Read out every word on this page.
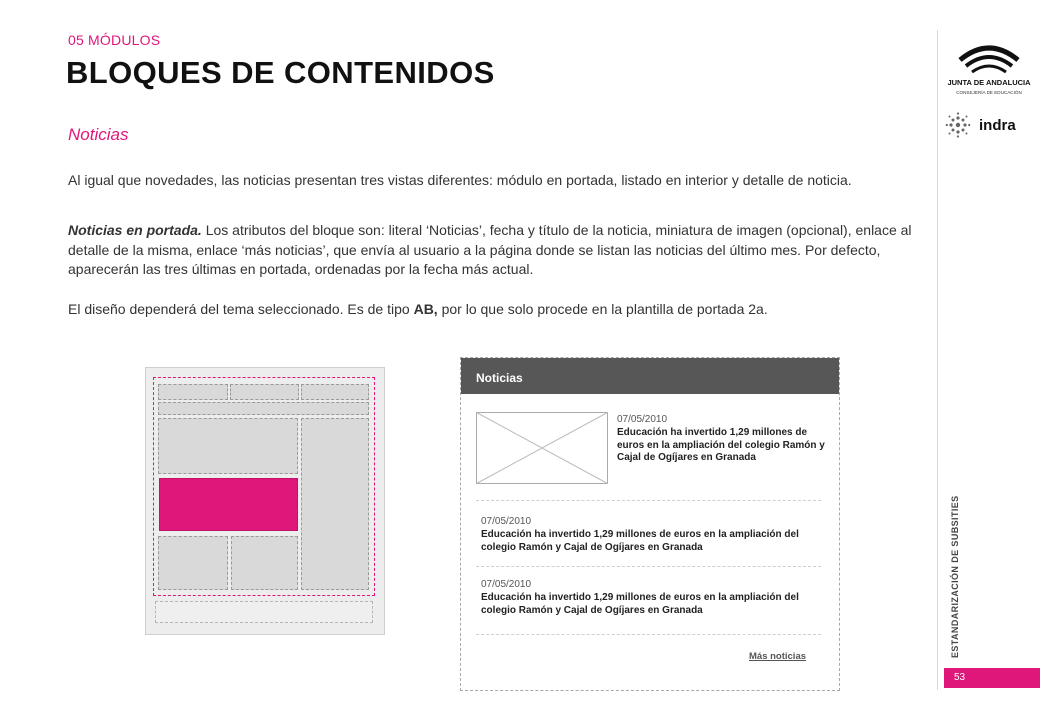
05 MÓDULOS
BLOQUES DE CONTENIDOS
Noticias

Al igual que novedades, las noticias presentan tres vistas diferentes: módulo en portada, listado en interior y detalle de noticia.

Noticias en portada. Los atributos del bloque son: literal ‘Noticias’, fecha y título de la noticia, miniatura de imagen (opcional), enlace al detalle de la misma, enlace ‘más noticias’, que envía al usuario a la página donde se listan las noticias del último mes. Por defecto, aparecerán las tres últimas en portada, ordenadas por la fecha más actual.

El diseño dependerá del tema seleccionado. Es de tipo AB, por lo que solo procede en la plantilla de portada 2a.

Noticias
07/05/2010

Educación ha invertido 1,29 millones de euros en la ampliación del colegio Ramón y Cajal de Ogíjares en Granada

07/05/2010

Educación ha invertido 1,29 millones de euros en la ampliación del colegio Ramón y Cajal de Ogíjares en Granada

07/05/2010

Educación ha invertido 1,29 millones de euros en la ampliación del colegio Ramón y Cajal de Ogíjares en Granada

Más noticias
JUNTA DE ANDALUCIA
CONSEJERÍA DE EDUCACIÓN
indra
ESTANDARIZACIÓN DE SUBSITIES
53
